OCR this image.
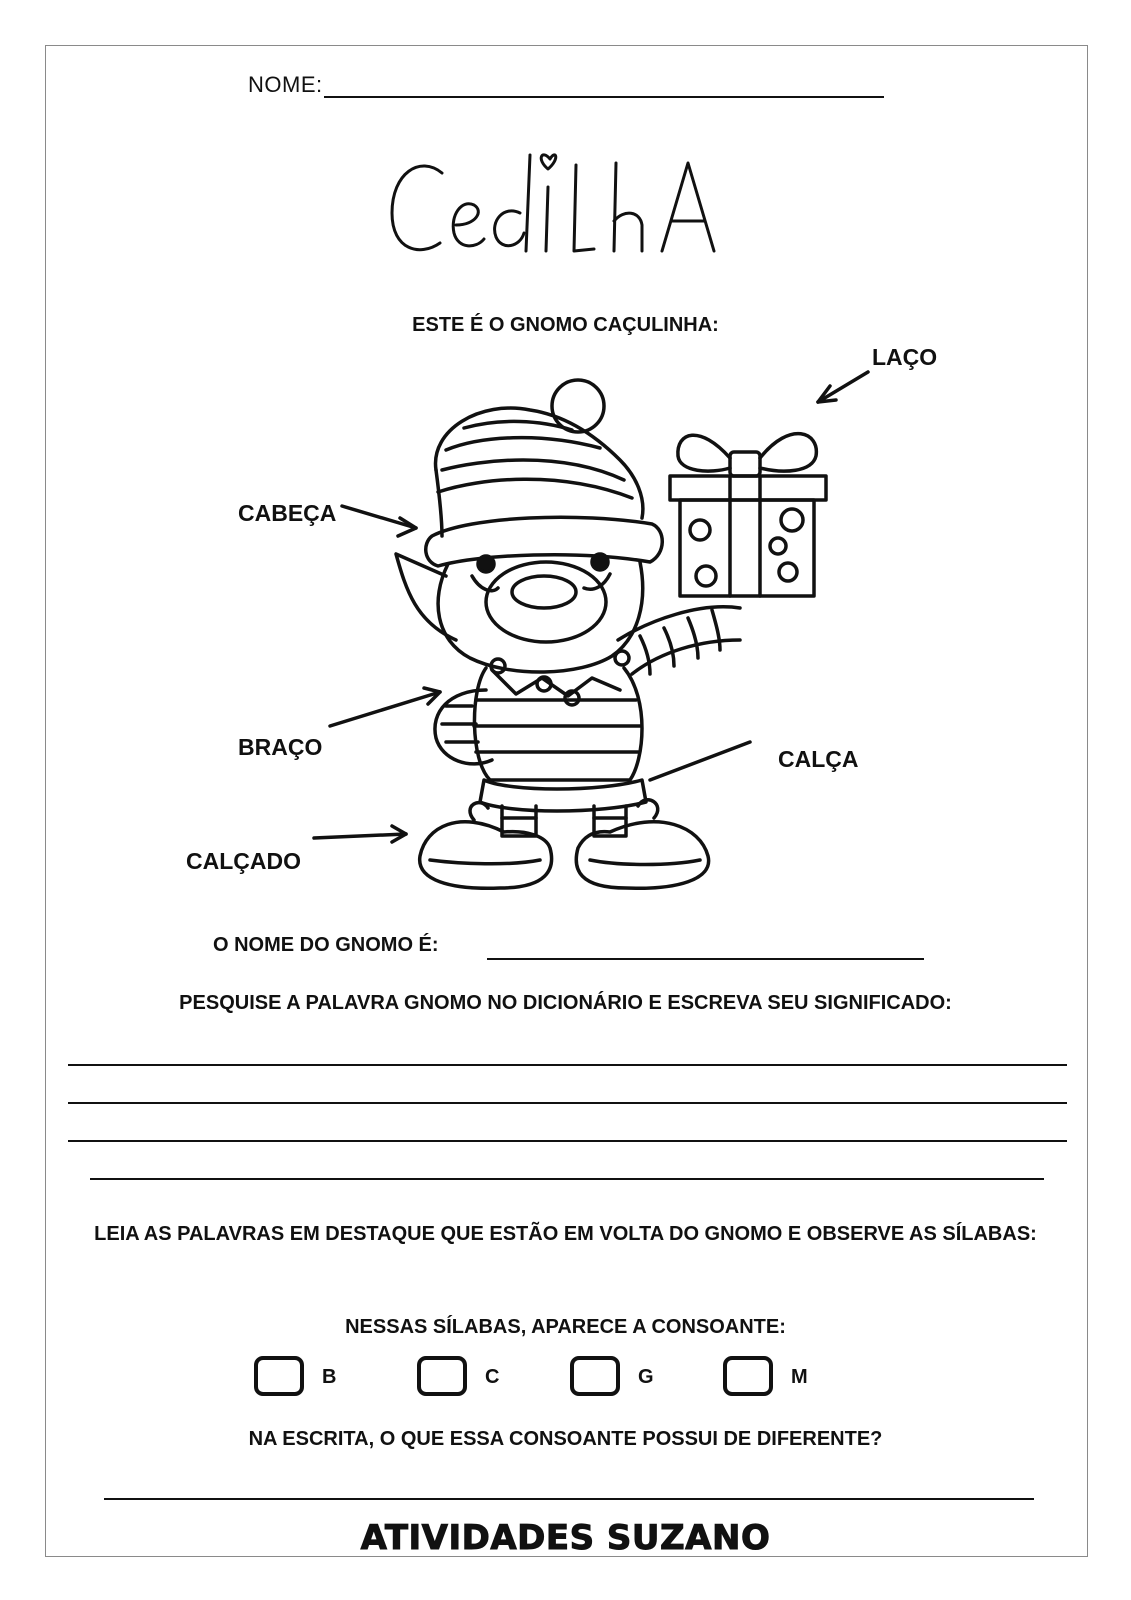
NOME:
ESTE É O GNOMO CAÇULINHA:
LAÇO
CABEÇA
BRAÇO	CALÇA
CALÇADO
O NOME DO GNOMO É:
PESQUISE A PALAVRA GNOMO NO DICIONÁRIO E ESCREVA SEU SIGNIFICADO:
LEIA AS PALAVRAS EM DESTAQUE QUE ESTÃO EM VOLTA DO GNOMO E OBSERVE AS SÍLABAS:
NESSAS SÍLABAS, APARECE A CONSOANTE:
B	C	G	M
NA ESCRITA, O QUE ESSA CONSOANTE POSSUI DE DIFERENTE?
ATIVIDADES SUZANO
